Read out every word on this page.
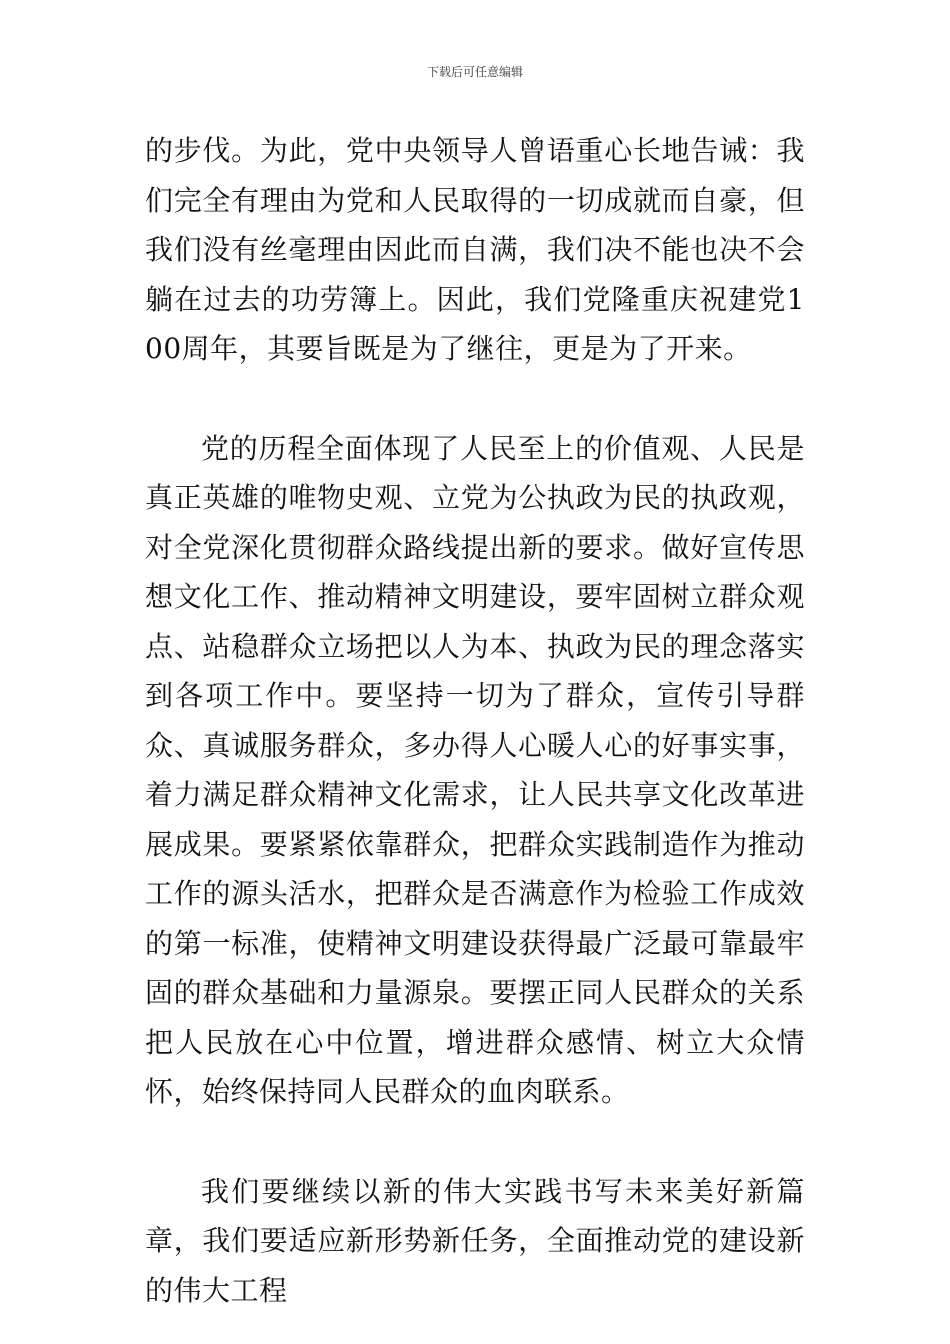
下载后可任意编辑

的步伐。为此，党中央领导人曾语重心长地告诫：我们完全有理由为党和人民取得的一切成就而自豪，但我们没有丝毫理由因此而自满，我们决不能也决不会躺在过去的功劳簿上。因此，我们党隆重庆祝建党100周年，其要旨既是为了继往，更是为了开来。

党的历程全面体现了人民至上的价值观、人民是真正英雄的唯物史观、立党为公执政为民的执政观，对全党深化贯彻群众路线提出新的要求。做好宣传思想文化工作、推动精神文明建设，要牢固树立群众观点、站稳群众立场把以人为本、执政为民的理念落实到各项工作中。要坚持一切为了群众，宣传引导群众、真诚服务群众，多办得人心暖人心的好事实事，着力满足群众精神文化需求，让人民共享文化改革进展成果。要紧紧依靠群众，把群众实践制造作为推动工作的源头活水，把群众是否满意作为检验工作成效的第一标准，使精神文明建设获得最广泛最可靠最牢固的群众基础和力量源泉。要摆正同人民群众的关系把人民放在心中位置，增进群众感情、树立大众情怀，始终保持同人民群众的血肉联系。

我们要继续以新的伟大实践书写未来美好新篇章，我们要适应新形势新任务，全面推动党的建设新的伟大工程
